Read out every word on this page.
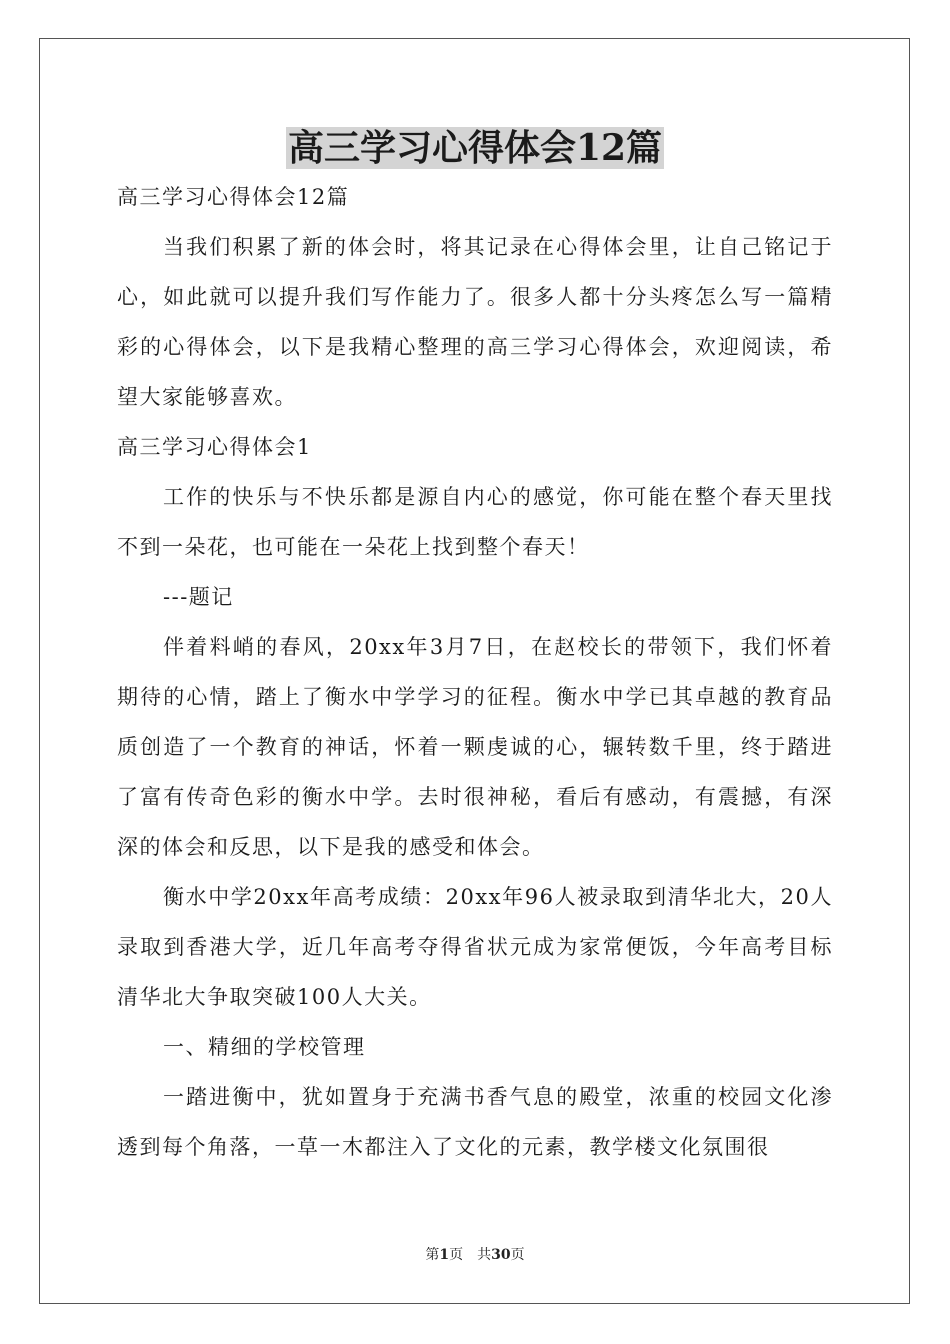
高三学习心得体会12篇

高三学习心得体会12篇

当我们积累了新的体会时，将其记录在心得体会里，让自己铭记于心，如此就可以提升我们写作能力了。很多人都十分头疼怎么写一篇精彩的心得体会，以下是我精心整理的高三学习心得体会，欢迎阅读，希望大家能够喜欢。

高三学习心得体会1

工作的快乐与不快乐都是源自内心的感觉，你可能在整个春天里找不到一朵花，也可能在一朵花上找到整个春天！

---题记

伴着料峭的春风，20xx年3月7日，在赵校长的带领下，我们怀着期待的心情，踏上了衡水中学学习的征程。衡水中学已其卓越的教育品质创造了一个教育的神话，怀着一颗虔诚的心，辗转数千里，终于踏进了富有传奇色彩的衡水中学。去时很神秘，看后有感动，有震撼，有深深的体会和反思，以下是我的感受和体会。

衡水中学20xx年高考成绩：20xx年96人被录取到清华北大，20人录取到香港大学，近几年高考夺得省状元成为家常便饭，今年高考目标清华北大争取突破100人大关。

一、精细的学校管理

一踏进衡中，犹如置身于充满书香气息的殿堂，浓重的校园文化渗透到每个角落，一草一木都注入了文化的元素，教学楼文化氛围很

第1页 共30页
